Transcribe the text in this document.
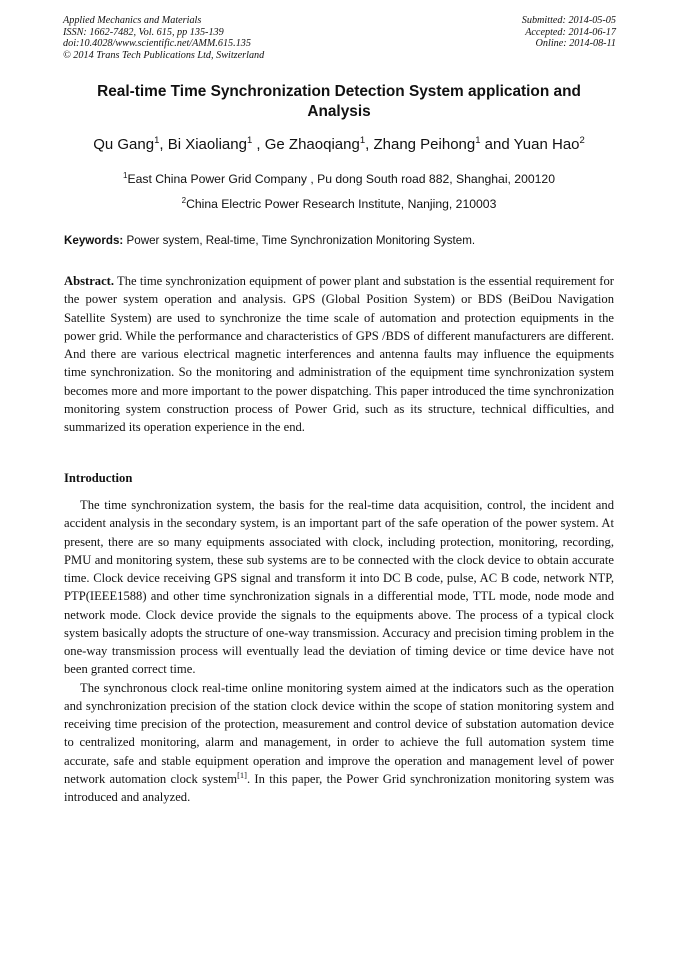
Applied Mechanics and Materials
ISSN: 1662-7482, Vol. 615, pp 135-139
doi:10.4028/www.scientific.net/AMM.615.135
© 2014 Trans Tech Publications Ltd, Switzerland
Submitted: 2014-05-05
Accepted: 2014-06-17
Online: 2014-08-11
Real-time Time Synchronization Detection System application and Analysis
Qu Gang$^1$, Bi Xiaoliang$^1$ , Ge Zhaoqiang$^1$, Zhang Peihong$^1$ and Yuan Hao$^2$
$^1$East China Power Grid Company , Pu dong South road 882, Shanghai, 200120
$^2$China Electric Power Research Institute, Nanjing, 210003
Keywords: Power system, Real-time, Time Synchronization Monitoring System.
Abstract. The time synchronization equipment of power plant and substation is the essential requirement for the power system operation and analysis. GPS (Global Position System) or BDS (BeiDou Navigation Satellite System) are used to synchronize the time scale of automation and protection equipments in the power grid. While the performance and characteristics of GPS /BDS of different manufacturers are different. And there are various electrical magnetic interferences and antenna faults may influence the equipments time synchronization. So the monitoring and administration of the equipment time synchronization system becomes more and more important to the power dispatching. This paper introduced the time synchronization monitoring system construction process of Power Grid, such as its structure, technical difficulties, and summarized its operation experience in the end.
Introduction

The time synchronization system, the basis for the real-time data acquisition, control, the incident and accident analysis in the secondary system, is an important part of the safe operation of the power system. At present, there are so many equipments associated with clock, including protection, monitoring, recording, PMU and monitoring system, these sub systems are to be connected with the clock device to obtain accurate time. Clock device receiving GPS signal and transform it into DC B code, pulse, AC B code, network NTP, PTP(IEEE1588) and other time synchronization signals in a differential mode, TTL mode, node mode and network mode. Clock device provide the signals to the equipments above. The process of a typical clock system basically adopts the structure of one-way transmission. Accuracy and precision timing problem in the one-way transmission process will eventually lead the deviation of timing device or time device have not been granted correct time.

The synchronous clock real-time online monitoring system aimed at the indicators such as the operation and synchronization precision of the station clock device within the scope of station monitoring system and receiving time precision of the protection, measurement and control device of substation automation device to centralized monitoring, alarm and management, in order to achieve the full automation system time accurate, safe and stable equipment operation and improve the operation and management level of power network automation clock system[1]. In this paper, the Power Grid synchronization monitoring system was introduced and analyzed.
